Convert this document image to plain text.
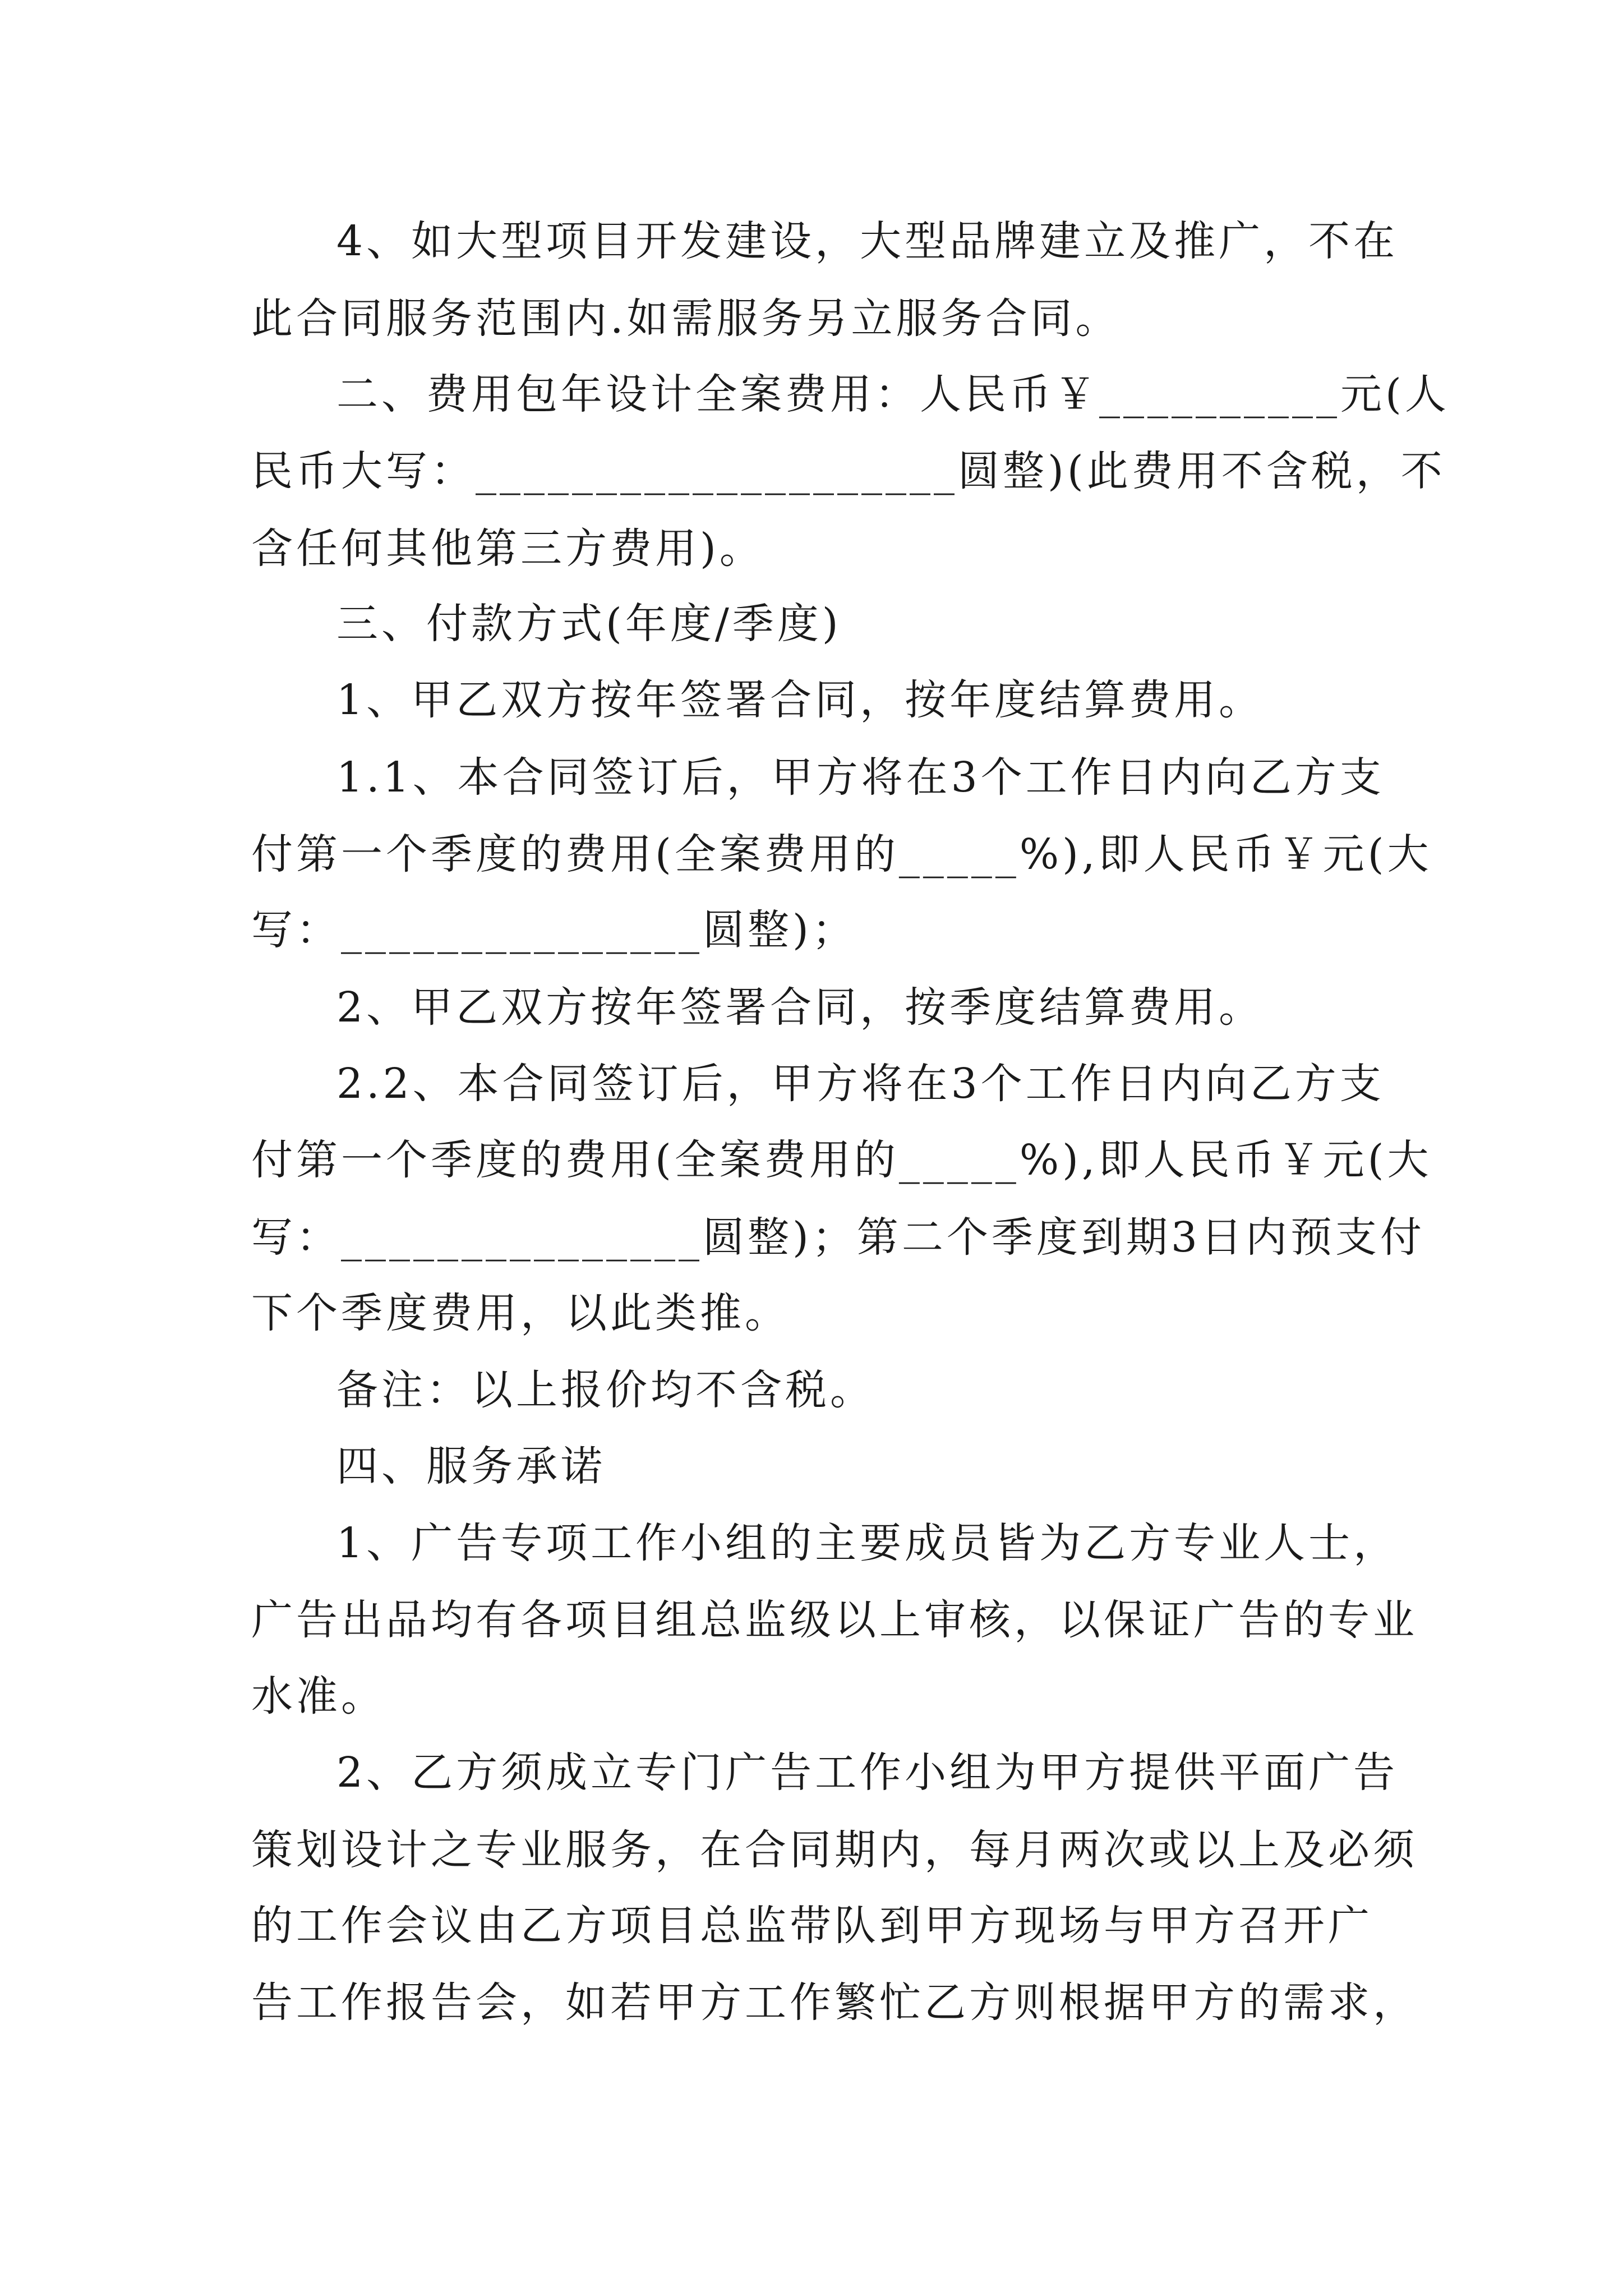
4、如大型项目开发建设，大型品牌建立及推广，不在
此合同服务范围内.如需服务另立服务合同。
二、费用包年设计全案费用：人民币￥__________元(人
民币大写：____________________圆整)(此费用不含税，不
含任何其他第三方费用)。
三、付款方式(年度/季度)
1、甲乙双方按年签署合同，按年度结算费用。
1.1、本合同签订后，甲方将在3个工作日内向乙方支
付第一个季度的费用(全案费用的_____%),即人民币￥元(大
写：_______________圆整)；
2、甲乙双方按年签署合同，按季度结算费用。
2.2、本合同签订后，甲方将在3个工作日内向乙方支
付第一个季度的费用(全案费用的_____%),即人民币￥元(大
写：_______________圆整)；第二个季度到期3日内预支付
下个季度费用，以此类推。
备注：以上报价均不含税。
四、服务承诺
1、广告专项工作小组的主要成员皆为乙方专业人士，
广告出品均有各项目组总监级以上审核，以保证广告的专业
水准。
2、乙方须成立专门广告工作小组为甲方提供平面广告
策划设计之专业服务，在合同期内，每月两次或以上及必须
的工作会议由乙方项目总监带队到甲方现场与甲方召开广
告工作报告会，如若甲方工作繁忙乙方则根据甲方的需求，
